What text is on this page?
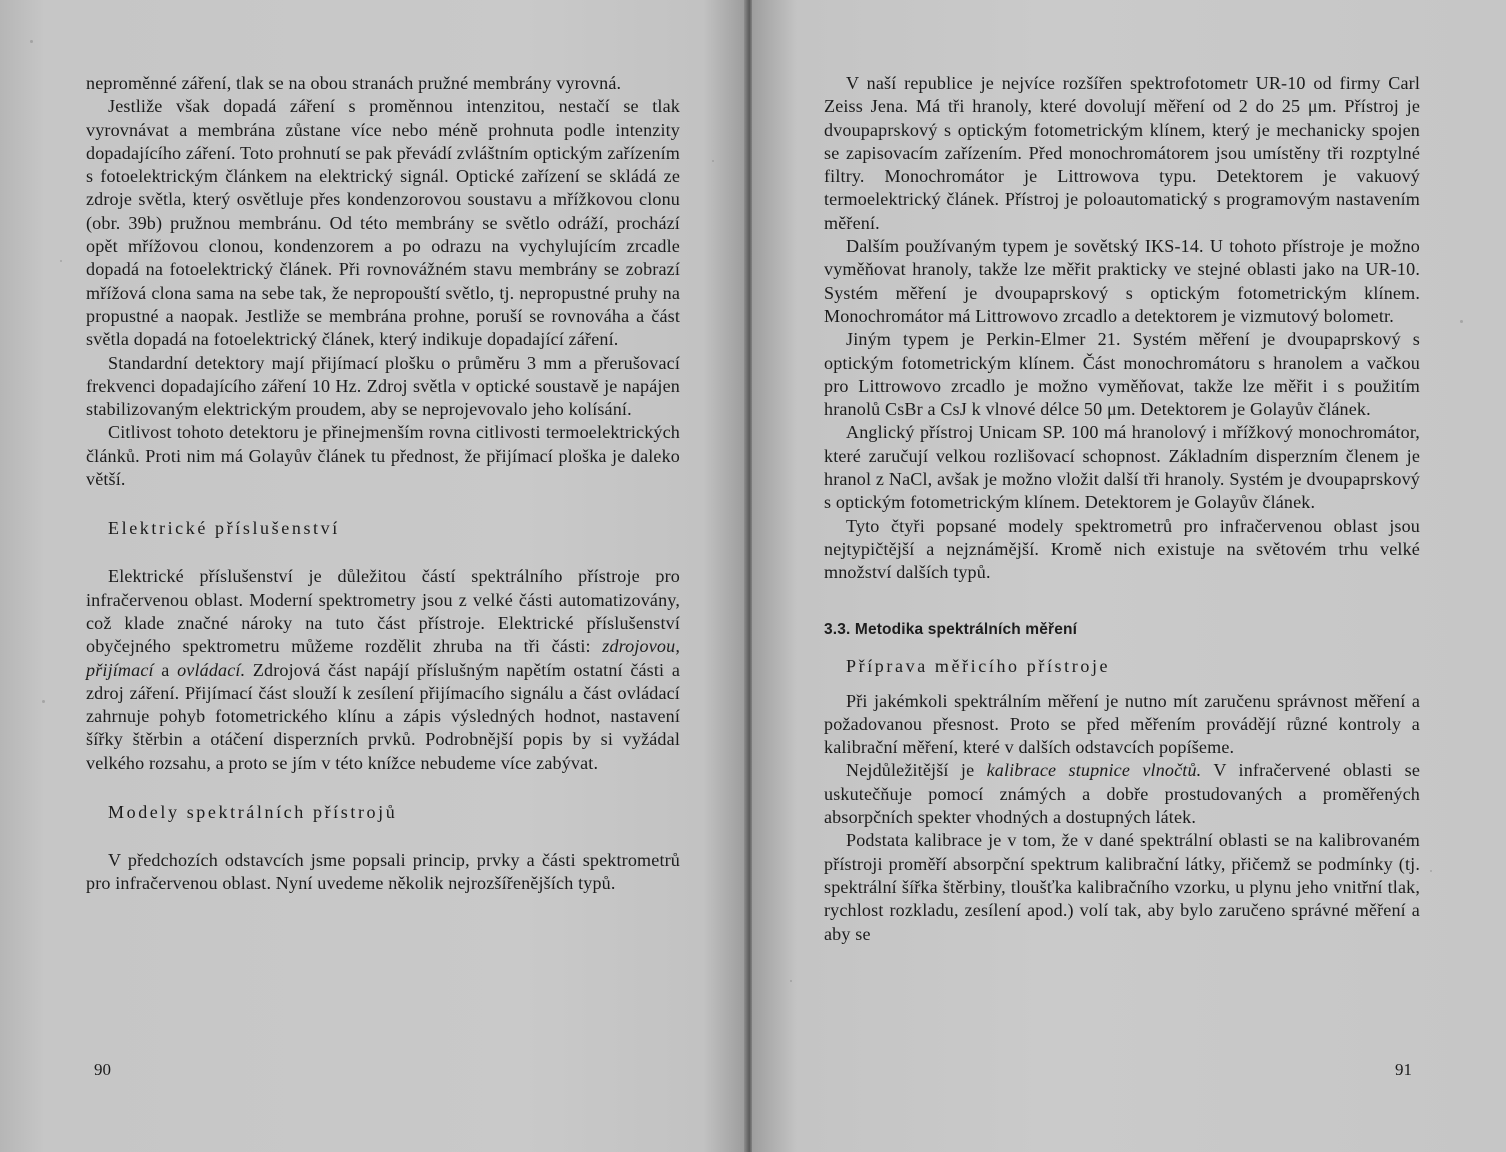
neproměnné záření, tlak se na obou stranách pružné membrány vyrovná.

Jestliže však dopadá záření s proměnnou intenzitou, nestačí se tlak vyrovnávat a membrána zůstane více nebo méně prohnuta podle intenzity dopadajícího záření. Toto prohnutí se pak převádí zvláštním optickým zařízením s fotoelektrickým článkem na elektrický signál. Optické zařízení se skládá ze zdroje světla, který osvětluje přes kondenzorovou soustavu a mřížkovou clonu (obr. 39b) pružnou membránu. Od této membrány se světlo odráží, prochází opět mřížovou clonou, kondenzorem a po odrazu na vychylujícím zrcadle dopadá na fotoelektrický článek. Při rovnovážném stavu membrány se zobrazí mřížová clona sama na sebe tak, že nepropouští světlo, tj. nepropustné pruhy na propustné a naopak. Jestliže se membrána prohne, poruší se rovnováha a část světla dopadá na fotoelektrický článek, který indikuje dopadající záření.

Standardní detektory mají přijímací plošku o průměru 3 mm a přerušovací frekvenci dopadajícího záření 10 Hz. Zdroj světla v optické soustavě je napájen stabilizovaným elektrickým proudem, aby se neprojevovalo jeho kolísání.

Citlivost tohoto detektoru je přinejmenším rovna citlivosti termoelektrických článků. Proti nim má Golayův článek tu přednost, že přijímací ploška je daleko větší.

Elektrické příslušenství

Elektrické příslušenství je důležitou částí spektrálního přístroje pro infračervenou oblast. Moderní spektrometry jsou z velké části automatizovány, což klade značné nároky na tuto část přístroje. Elektrické příslušenství obyčejného spektrometru můžeme rozdělit zhruba na tři části: zdrojovou, přijímací a ovládací. Zdrojová část napájí příslušným napětím ostatní části a zdroj záření. Přijímací část slouží k zesílení přijímacího signálu a část ovládací zahrnuje pohyb fotometrického klínu a zápis výsledných hodnot, nastavení šířky štěrbin a otáčení disperzních prvků. Podrobnější popis by si vyžádal velkého rozsahu, a proto se jím v této knížce nebudeme více zabývat.

Modely spektrálních přístrojů

V předchozích odstavcích jsme popsali princip, prvky a části spektrometrů pro infračervenou oblast. Nyní uvedeme několik nejrozšířenějších typů.

90

V naší republice je nejvíce rozšířen spektrofotometr UR-10 od firmy Carl Zeiss Jena. Má tři hranoly, které dovolují měření od 2 do 25 μm. Přístroj je dvoupaprskový s optickým fotometrickým klínem, který je mechanicky spojen se zapisovacím zařízením. Před monochromátorem jsou umístěny tři rozptylné filtry. Monochromátor je Littrowova typu. Detektorem je vakuový termoelektrický článek. Přístroj je poloautomatický s programovým nastavením měření.

Dalším používaným typem je sovětský IKS-14. U tohoto přístroje je možno vyměňovat hranoly, takže lze měřit prakticky ve stejné oblasti jako na UR-10. Systém měření je dvoupaprskový s optickým fotometrickým klínem. Monochromátor má Littrowovo zrcadlo a detektorem je vizmutový bolometr.

Jiným typem je Perkin-Elmer 21. Systém měření je dvoupaprskový s optickým fotometrickým klínem. Část monochromátoru s hranolem a vačkou pro Littrowovo zrcadlo je možno vyměňovat, takže lze měřit i s použitím hranolů CsBr a CsJ k vlnové délce 50 μm. Detektorem je Golayův článek.

Anglický přístroj Unicam SP. 100 má hranolový i mřížkový monochromátor, které zaručují velkou rozlišovací schopnost. Základním disperzním členem je hranol z NaCl, avšak je možno vložit další tři hranoly. Systém je dvoupaprskový s optickým fotometrickým klínem. Detektorem je Golayův článek.

Tyto čtyři popsané modely spektrometrů pro infračervenou oblast jsou nejtypičtější a nejznámější. Kromě nich existuje na světovém trhu velké množství dalších typů.

3.3. Metodika spektrálních měření
Příprava měřicího přístroje

Při jakémkoli spektrálním měření je nutno mít zaručenu správnost měření a požadovanou přesnost. Proto se před měřením provádějí různé kontroly a kalibrační měření, které v dalších odstavcích popíšeme.

Nejdůležitější je kalibrace stupnice vlnočtů. V infračervené oblasti se uskutečňuje pomocí známých a dobře prostudovaných a proměřených absorpčních spekter vhodných a dostupných látek.

Podstata kalibrace je v tom, že v dané spektrální oblasti se na kalibrovaném přístroji proměří absorpční spektrum kalibrační látky, přičemž se podmínky (tj. spektrální šířka štěrbiny, tloušťka kalibračního vzorku, u plynu jeho vnitřní tlak, rychlost rozkladu, zesílení apod.) volí tak, aby bylo zaručeno správné měření a aby se

91
